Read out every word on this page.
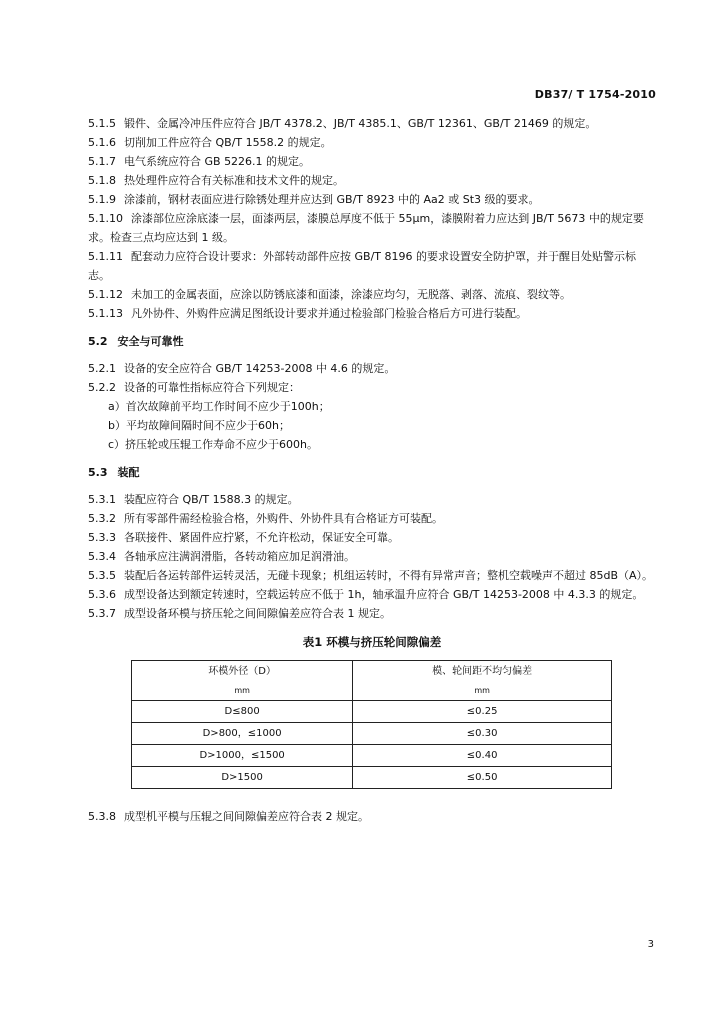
DB37/ T 1754-2010

5.1.5 锻件、金属冷冲压件应符合 JB/T 4378.2、JB/T 4385.1、GB/T 12361、GB/T 21469 的规定。

5.1.6 切削加工件应符合 QB/T 1558.2 的规定。

5.1.7 电气系统应符合 GB 5226.1 的规定。

5.1.8 热处理件应符合有关标准和技术文件的规定。

5.1.9 涂漆前，钢材表面应进行除锈处理并应达到 GB/T 8923 中的 Aa2 或 St3 级的要求。

5.1.10 涂漆部位应涂底漆一层，面漆两层，漆膜总厚度不低于 55μm，漆膜附着力应达到 JB/T 5673 中的规定要求。检查三点均应达到 1 级。

5.1.11 配套动力应符合设计要求：外部转动部件应按 GB/T 8196 的要求设置安全防护罩，并于醒目处贴警示标志。

5.1.12 未加工的金属表面，应涂以防锈底漆和面漆，涂漆应均匀，无脱落、剥落、流痕、裂纹等。

5.1.13 凡外协件、外购件应满足图纸设计要求并通过检验部门检验合格后方可进行装配。

5.2 安全与可靠性

5.2.1 设备的安全应符合 GB/T 14253-2008 中 4.6 的规定。

5.2.2 设备的可靠性指标应符合下列规定：

a）首次故障前平均工作时间不应少于100h；

b）平均故障间隔时间不应少于60h；

c）挤压轮或压辊工作寿命不应少于600h。

5.3 装配

5.3.1 装配应符合 QB/T 1588.3 的规定。

5.3.2 所有零部件需经检验合格，外购件、外协件具有合格证方可装配。

5.3.3 各联接件、紧固件应拧紧，不允许松动，保证安全可靠。

5.3.4 各轴承应注满润滑脂，各转动箱应加足润滑油。

5.3.5 装配后各运转部件运转灵活，无碰卡现象；机组运转时，不得有异常声音；整机空载噪声不超过 85dB（A）。

5.3.6 成型设备达到额定转速时，空载运转应不低于 1h，轴承温升应符合 GB/T 14253-2008 中 4.3.3 的规定。

5.3.7 成型设备环模与挤压轮之间间隙偏差应符合表 1 规定。

表1 环模与挤压轮间隙偏差
环模外径（D）	模、轮间距不均匀偏差
mm	mm
D≤800	≤0.25
D>800，≤1000	≤0.30
D>1000，≤1500	≤0.40
D>1500	≤0.50

5.3.8 成型机平模与压辊之间间隙偏差应符合表 2 规定。

3
